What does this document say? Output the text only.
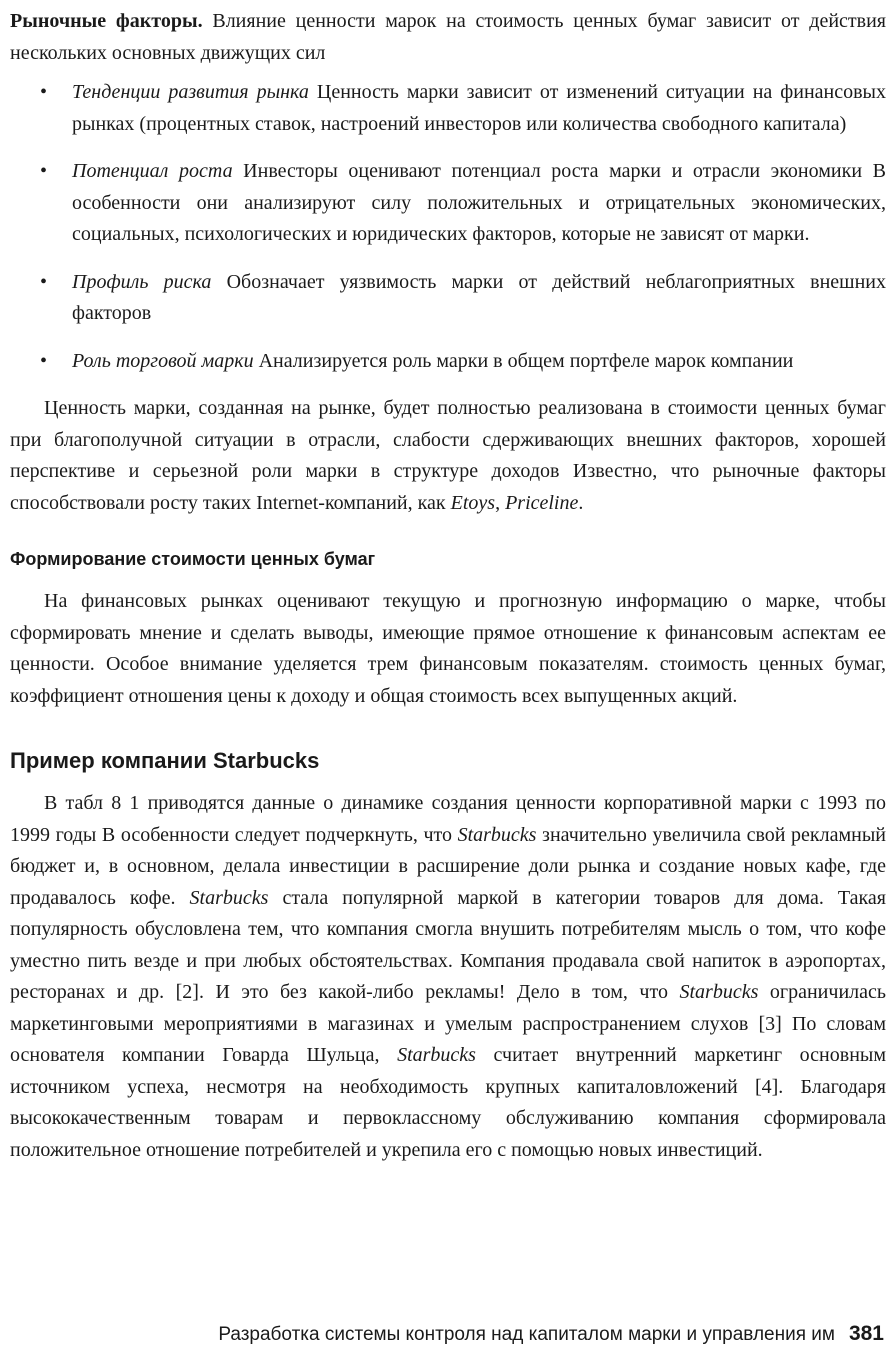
Рыночные факторы. Влияние ценности марок на стоимость ценных бумаг зависит от действия нескольких основных движущих сил

• Тенденции развития рынка Ценность марки зависит от изменений ситуации на финансовых рынках (процентных ставок, настроений инвесторов или количества свободного капитала)
• Потенциал роста Инвесторы оценивают потенциал роста марки и отрасли экономики В особенности они анализируют силу положительных и отрицательных экономических, социальных, психологических и юридических факторов, которые не зависят от марки.
• Профиль риска Обозначает уязвимость марки от действий неблагоприятных внешних факторов
• Роль торговой марки Анализируется роль марки в общем портфеле марок компании

Ценность марки, созданная на рынке, будет полностью реализована в стоимости ценных бумаг при благополучной ситуации в отрасли, слабости сдерживающих внешних факторов, хорошей перспективе и серьезной роли марки в структуре доходов Известно, что рыночные факторы способствовали росту таких Internet-компаний, как Etoys, Priceline.

Формирование стоимости ценных бумаг

На финансовых рынках оценивают текущую и прогнозную информацию о марке, чтобы сформировать мнение и сделать выводы, имеющие прямое отношение к финансовым аспектам ее ценности. Особое внимание уделяется трем финансовым показателям. стоимость ценных бумаг, коэффициент отношения цены к доходу и общая стоимость всех выпущенных акций.

Пример компании Starbucks

В табл 8 1 приводятся данные о динамике создания ценности корпоративной марки с 1993 по 1999 годы В особенности следует подчеркнуть, что Starbucks значительно увеличила свой рекламный бюджет и, в основном, делала инвестиции в расширение доли рынка и создание новых кафе, где продавалось кофе. Starbucks стала популярной маркой в категории товаров для дома. Такая популярность обусловлена тем, что компания смогла внушить потребителям мысль о том, что кофе уместно пить везде и при любых обстоятельствах. Компания продавала свой напиток в аэропортах, ресторанах и др. [2]. И это без какой-либо рекламы! Дело в том, что Starbucks ограничилась маркетинговыми мероприятиями в магазинах и умелым распространением слухов [3] По словам основателя компании Говарда Шульца, Starbucks считает внутренний маркетинг основным источником успеха, несмотря на необходимость крупных капиталовложений [4]. Благодаря высококачественным товарам и первоклассному обслуживанию компания сформировала положительное отношение потребителей и укрепила его с помощью новых инвестиций.

Разработка системы контроля над капиталом марки и управления им 381
